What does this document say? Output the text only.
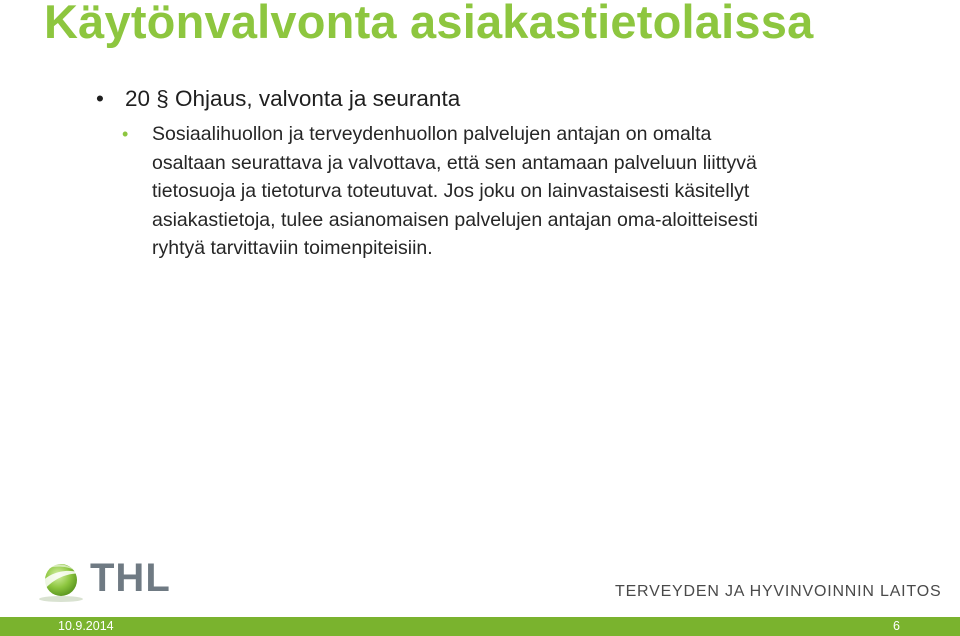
Käytönvalvonta asiakastietolaissa
• 20 § Ohjaus, valvonta ja seuranta
• Sosiaalihuollon ja terveydenhuollon palvelujen antajan on omalta
osaltaan seurattava ja valvottava, että sen antamaan palveluun liittyvä
tietosuoja ja tietoturva toteutuvat. Jos joku on lainvastaisesti käsitellyt
asiakastietoja, tulee asianomaisen palvelujen antajan oma-aloitteisesti
ryhtyä tarvittaviin toimenpiteisiin.
THL	TERVEYDEN JA HYVINVOINNIN LAITOS
10.9.2014	6
